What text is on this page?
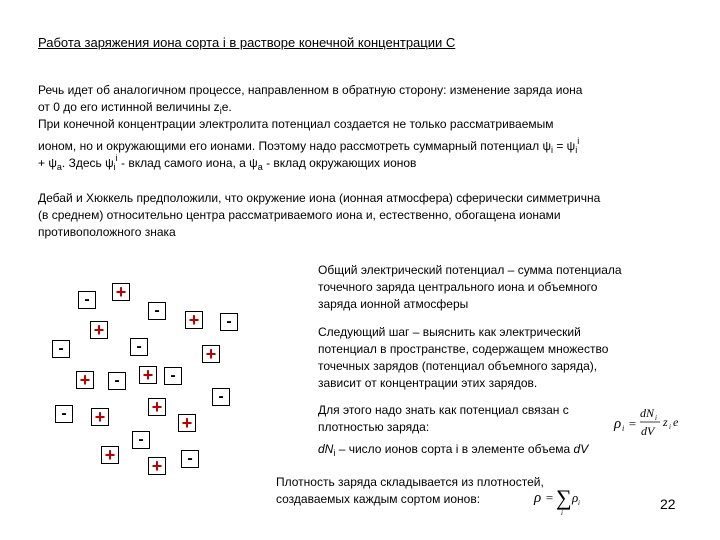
Работа заряжения иона сорта i в растворе конечной концентрации С
Речь идет об аналогичном процессе, направленном в обратную сторону: изменение заряда иона
от 0 до его истинной величины $z_ie$.
При конечной концентрации электролита потенциал создается не только рассматриваемым
ионом, но и окружающими его ионами. Поэтому надо рассмотреть суммарный потенциал $\psi_i = \psi_i^i$
+ $\psi_a$. Здесь $\psi_i^i$ - вклад самого иона, а $\psi_a$ - вклад окружающих ионов
Дебай и Хюккель предположили, что окружение иона (ионная атмосфера) сферически симметрична
(в среднем) относительно центра рассматриваемого иона и, естественно, обогащена ионами
противоположного знака
-	+
-	+	-
+
-	-	+
+	-	+	-
-
-	+	+
+
-
+
+	-
Общий электрический потенциал – сумма потенциала
точечного заряда центрального иона и объемного
заряда ионной атмосферы
Следующий шаг – выяснить как электрический
потенциал в пространстве, содержащем множество
точечных зарядов (потенциал объемного заряда),
зависит от концентрации этих зарядов.
Для этого надо знать как потенциал связан с
плотностью заряда:
$dN_i$ – число ионов сорта i в элементе объема dV
ρ i =
dN i
dV
z i e
Плотность заряда складывается из плотностей,
создаваемых каждым сортом ионов:	ρ = ∑
i
ρ i	22
